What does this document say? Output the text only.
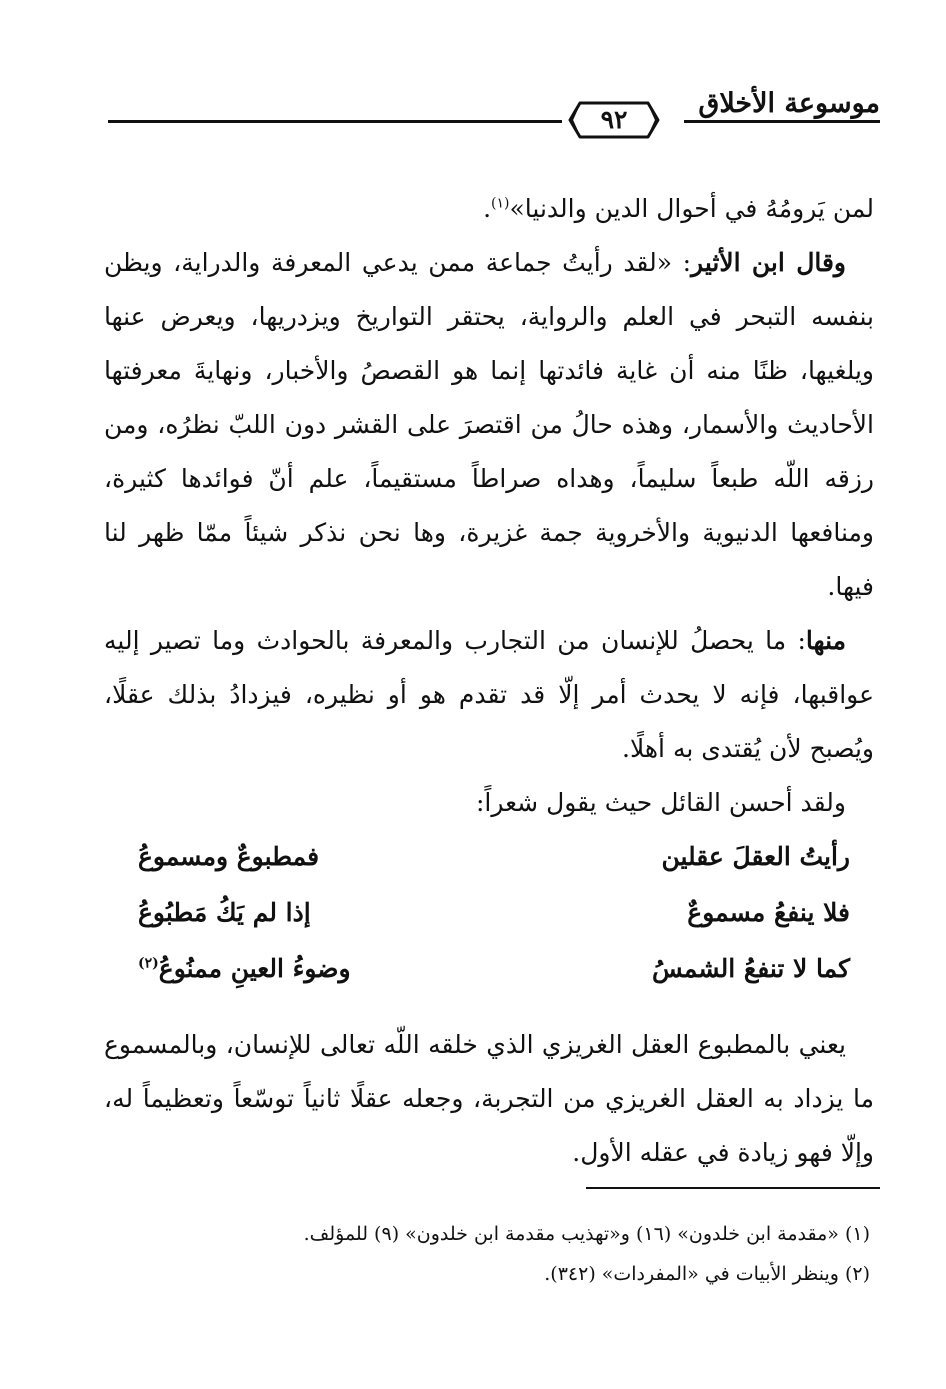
موسوعة الأخلاق
٩٢

لمن يَرومُهُ في أحوال الدين والدنيا»$^{(١)}$.

وقال ابن الأثير: «لقد رأيتُ جماعة ممن يدعي المعرفة والدراية، ويظن بنفسه التبحر في العلم والرواية، يحتقر التواريخ ويزدريها، ويعرض عنها ويلغيها، ظنًا منه أن غاية فائدتها إنما هو القصصُ والأخبار، ونهايةَ معرفتها الأحاديث والأسمار، وهذه حالُ من اقتصرَ على القشر دون اللبّ نظرُه، ومن رزقه اللّه طبعاً سليماً، وهداه صراطاً مستقيماً، علم أنّ فوائدها كثيرة، ومنافعها الدنيوية والأخروية جمة غزيرة، وها نحن نذكر شيئاً ممّا ظهر لنا فيها.

منها: ما يحصلُ للإنسان من التجارب والمعرفة بالحوادث وما تصير إليه عواقبها، فإنه لا يحدث أمر إلّا قد تقدم هو أو نظيره، فيزدادُ بذلك عقلًا، ويُصبح لأن يُقتدى به أهلًا.

ولقد أحسن القائل حيث يقول شعراً:

رأيتُ العقلَ عقلين
فمطبوعٌ ومسموعُ
فلا ينفعُ مسموعٌ
إذا لم يَكُ مَطبُوعُ
كما لا تنفعُ الشمسُ
وضوءُ العينِ ممنُوعُ$^{(٢)}$

يعني بالمطبوع العقل الغريزي الذي خلقه اللّه تعالى للإنسان، وبالمسموع ما يزداد به العقل الغريزي من التجربة، وجعله عقلًا ثانياً توسّعاً وتعظيماً له، وإلّا فهو زيادة في عقله الأول.

(١) «مقدمة ابن خلدون» (١٦) و«تهذيب مقدمة ابن خلدون» (٩) للمؤلف.

(٢) وينظر الأبيات في «المفردات» (٣٤٢).
